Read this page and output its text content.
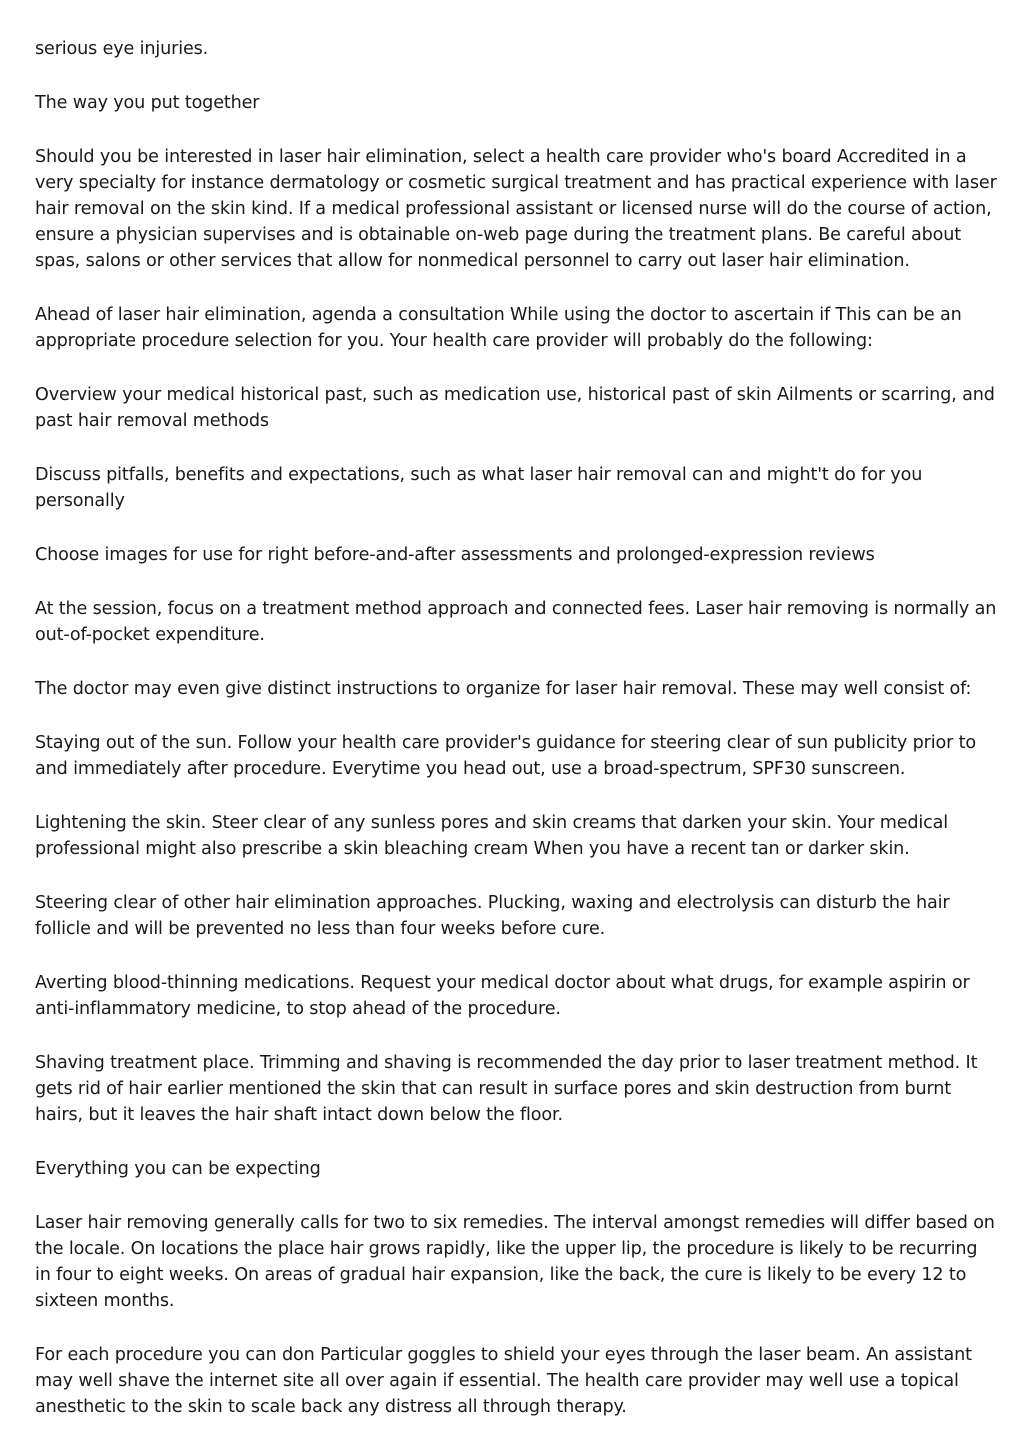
serious eye injuries.

The way you put together

Should you be interested in laser hair elimination, select a health care provider who's board Accredited in a very specialty for instance dermatology or cosmetic surgical treatment and has practical experience with laser hair removal on the skin kind. If a medical professional assistant or licensed nurse will do the course of action, ensure a physician supervises and is obtainable on-web page during the treatment plans. Be careful about spas, salons or other services that allow for nonmedical personnel to carry out laser hair elimination.

Ahead of laser hair elimination, agenda a consultation While using the doctor to ascertain if This can be an appropriate procedure selection for you. Your health care provider will probably do the following:

Overview your medical historical past, such as medication use, historical past of skin Ailments or scarring, and past hair removal methods

Discuss pitfalls, benefits and expectations, such as what laser hair removal can and might't do for you personally

Choose images for use for right before-and-after assessments and prolonged-expression reviews

At the session, focus on a treatment method approach and connected fees. Laser hair removing is normally an out-of-pocket expenditure.

The doctor may even give distinct instructions to organize for laser hair removal. These may well consist of:

Staying out of the sun. Follow your health care provider's guidance for steering clear of sun publicity prior to and immediately after procedure. Everytime you head out, use a broad-spectrum, SPF30 sunscreen.

Lightening the skin. Steer clear of any sunless pores and skin creams that darken your skin. Your medical professional might also prescribe a skin bleaching cream When you have a recent tan or darker skin.

Steering clear of other hair elimination approaches. Plucking, waxing and electrolysis can disturb the hair follicle and will be prevented no less than four weeks before cure.

Averting blood-thinning medications. Request your medical doctor about what drugs, for example aspirin or anti-inflammatory medicine, to stop ahead of the procedure.

Shaving treatment place. Trimming and shaving is recommended the day prior to laser treatment method. It gets rid of hair earlier mentioned the skin that can result in surface pores and skin destruction from burnt hairs, but it leaves the hair shaft intact down below the floor.

Everything you can be expecting

Laser hair removing generally calls for two to six remedies. The interval amongst remedies will differ based on the locale. On locations the place hair grows rapidly, like the upper lip, the procedure is likely to be recurring in four to eight weeks. On areas of gradual hair expansion, like the back, the cure is likely to be every 12 to sixteen months.

For each procedure you can don Particular goggles to shield your eyes through the laser beam. An assistant may well shave the internet site all over again if essential. The health care provider may well use a topical anesthetic to the skin to scale back any distress all through therapy.
